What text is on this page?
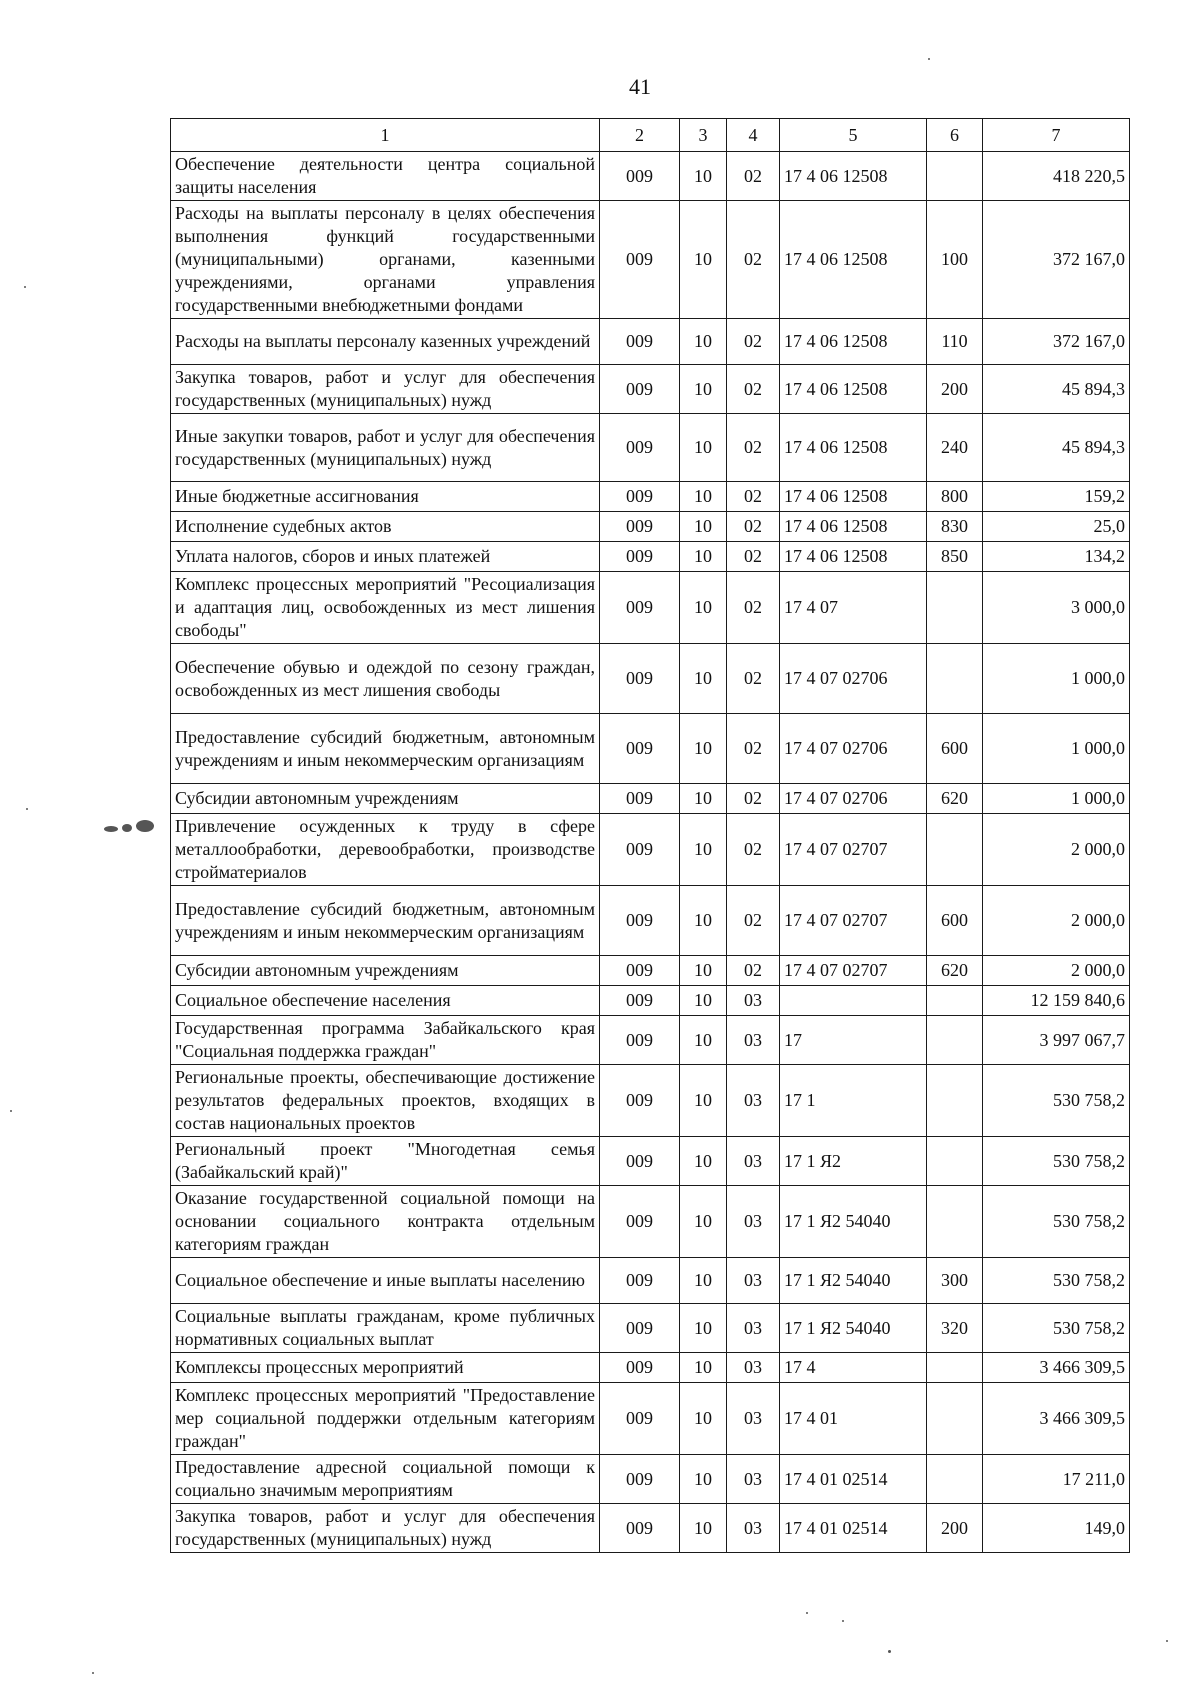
41
1	2	3	4	5	6	7
Обеспечение деятельности центра социальной защиты населения	009	10	02	17 4 06 12508		418 220,5
Расходы на выплаты персоналу в целях обеспечения выполнения функций государственными (муниципальными) органами, казенными учреждениями, органами управления государственными внебюджетными фондами	009	10	02	17 4 06 12508	100	372 167,0
Расходы на выплаты персоналу казенных учреждений	009	10	02	17 4 06 12508	110	372 167,0
Закупка товаров, работ и услуг для обеспечения государственных (муниципальных) нужд	009	10	02	17 4 06 12508	200	45 894,3
Иные закупки товаров, работ и услуг для обеспечения государственных (муниципальных) нужд	009	10	02	17 4 06 12508	240	45 894,3
Иные бюджетные ассигнования	009	10	02	17 4 06 12508	800	159,2
Исполнение судебных актов	009	10	02	17 4 06 12508	830	25,0
Уплата налогов, сборов и иных платежей	009	10	02	17 4 06 12508	850	134,2
Комплекс процессных мероприятий "Ресоциализация и адаптация лиц, освобожденных из мест лишения свободы"	009	10	02	17 4 07		3 000,0
Обеспечение обувью и одеждой по сезону граждан, освобожденных из мест лишения свободы	009	10	02	17 4 07 02706		1 000,0
Предоставление субсидий бюджетным, автономным учреждениям и иным некоммерческим организациям	009	10	02	17 4 07 02706	600	1 000,0
Субсидии автономным учреждениям	009	10	02	17 4 07 02706	620	1 000,0
Привлечение осужденных к труду в сфере металлообработки, деревообработки, производстве стройматериалов	009	10	02	17 4 07 02707		2 000,0
Предоставление субсидий бюджетным, автономным учреждениям и иным некоммерческим организациям	009	10	02	17 4 07 02707	600	2 000,0
Субсидии автономным учреждениям	009	10	02	17 4 07 02707	620	2 000,0
Социальное обеспечение населения	009	10	03			12 159 840,6
Государственная программа Забайкальского края "Социальная поддержка граждан"	009	10	03	17		3 997 067,7
Региональные проекты, обеспечивающие достижение результатов федеральных проектов, входящих в состав национальных проектов	009	10	03	17 1		530 758,2
Региональный проект "Многодетная семья (Забайкальский край)"	009	10	03	17 1 Я2		530 758,2
Оказание государственной социальной помощи на основании социального контракта отдельным категориям граждан	009	10	03	17 1 Я2 54040		530 758,2
Социальное обеспечение и иные выплаты населению	009	10	03	17 1 Я2 54040	300	530 758,2
Социальные выплаты гражданам, кроме публичных нормативных социальных выплат	009	10	03	17 1 Я2 54040	320	530 758,2
Комплексы процессных мероприятий	009	10	03	17 4		3 466 309,5
Комплекс процессных мероприятий "Предоставление мер социальной поддержки отдельным категориям граждан"	009	10	03	17 4 01		3 466 309,5
Предоставление адресной социальной помощи к социально значимым мероприятиям	009	10	03	17 4 01 02514		17 211,0
Закупка товаров, работ и услуг для обеспечения государственных (муниципальных) нужд	009	10	03	17 4 01 02514	200	149,0
